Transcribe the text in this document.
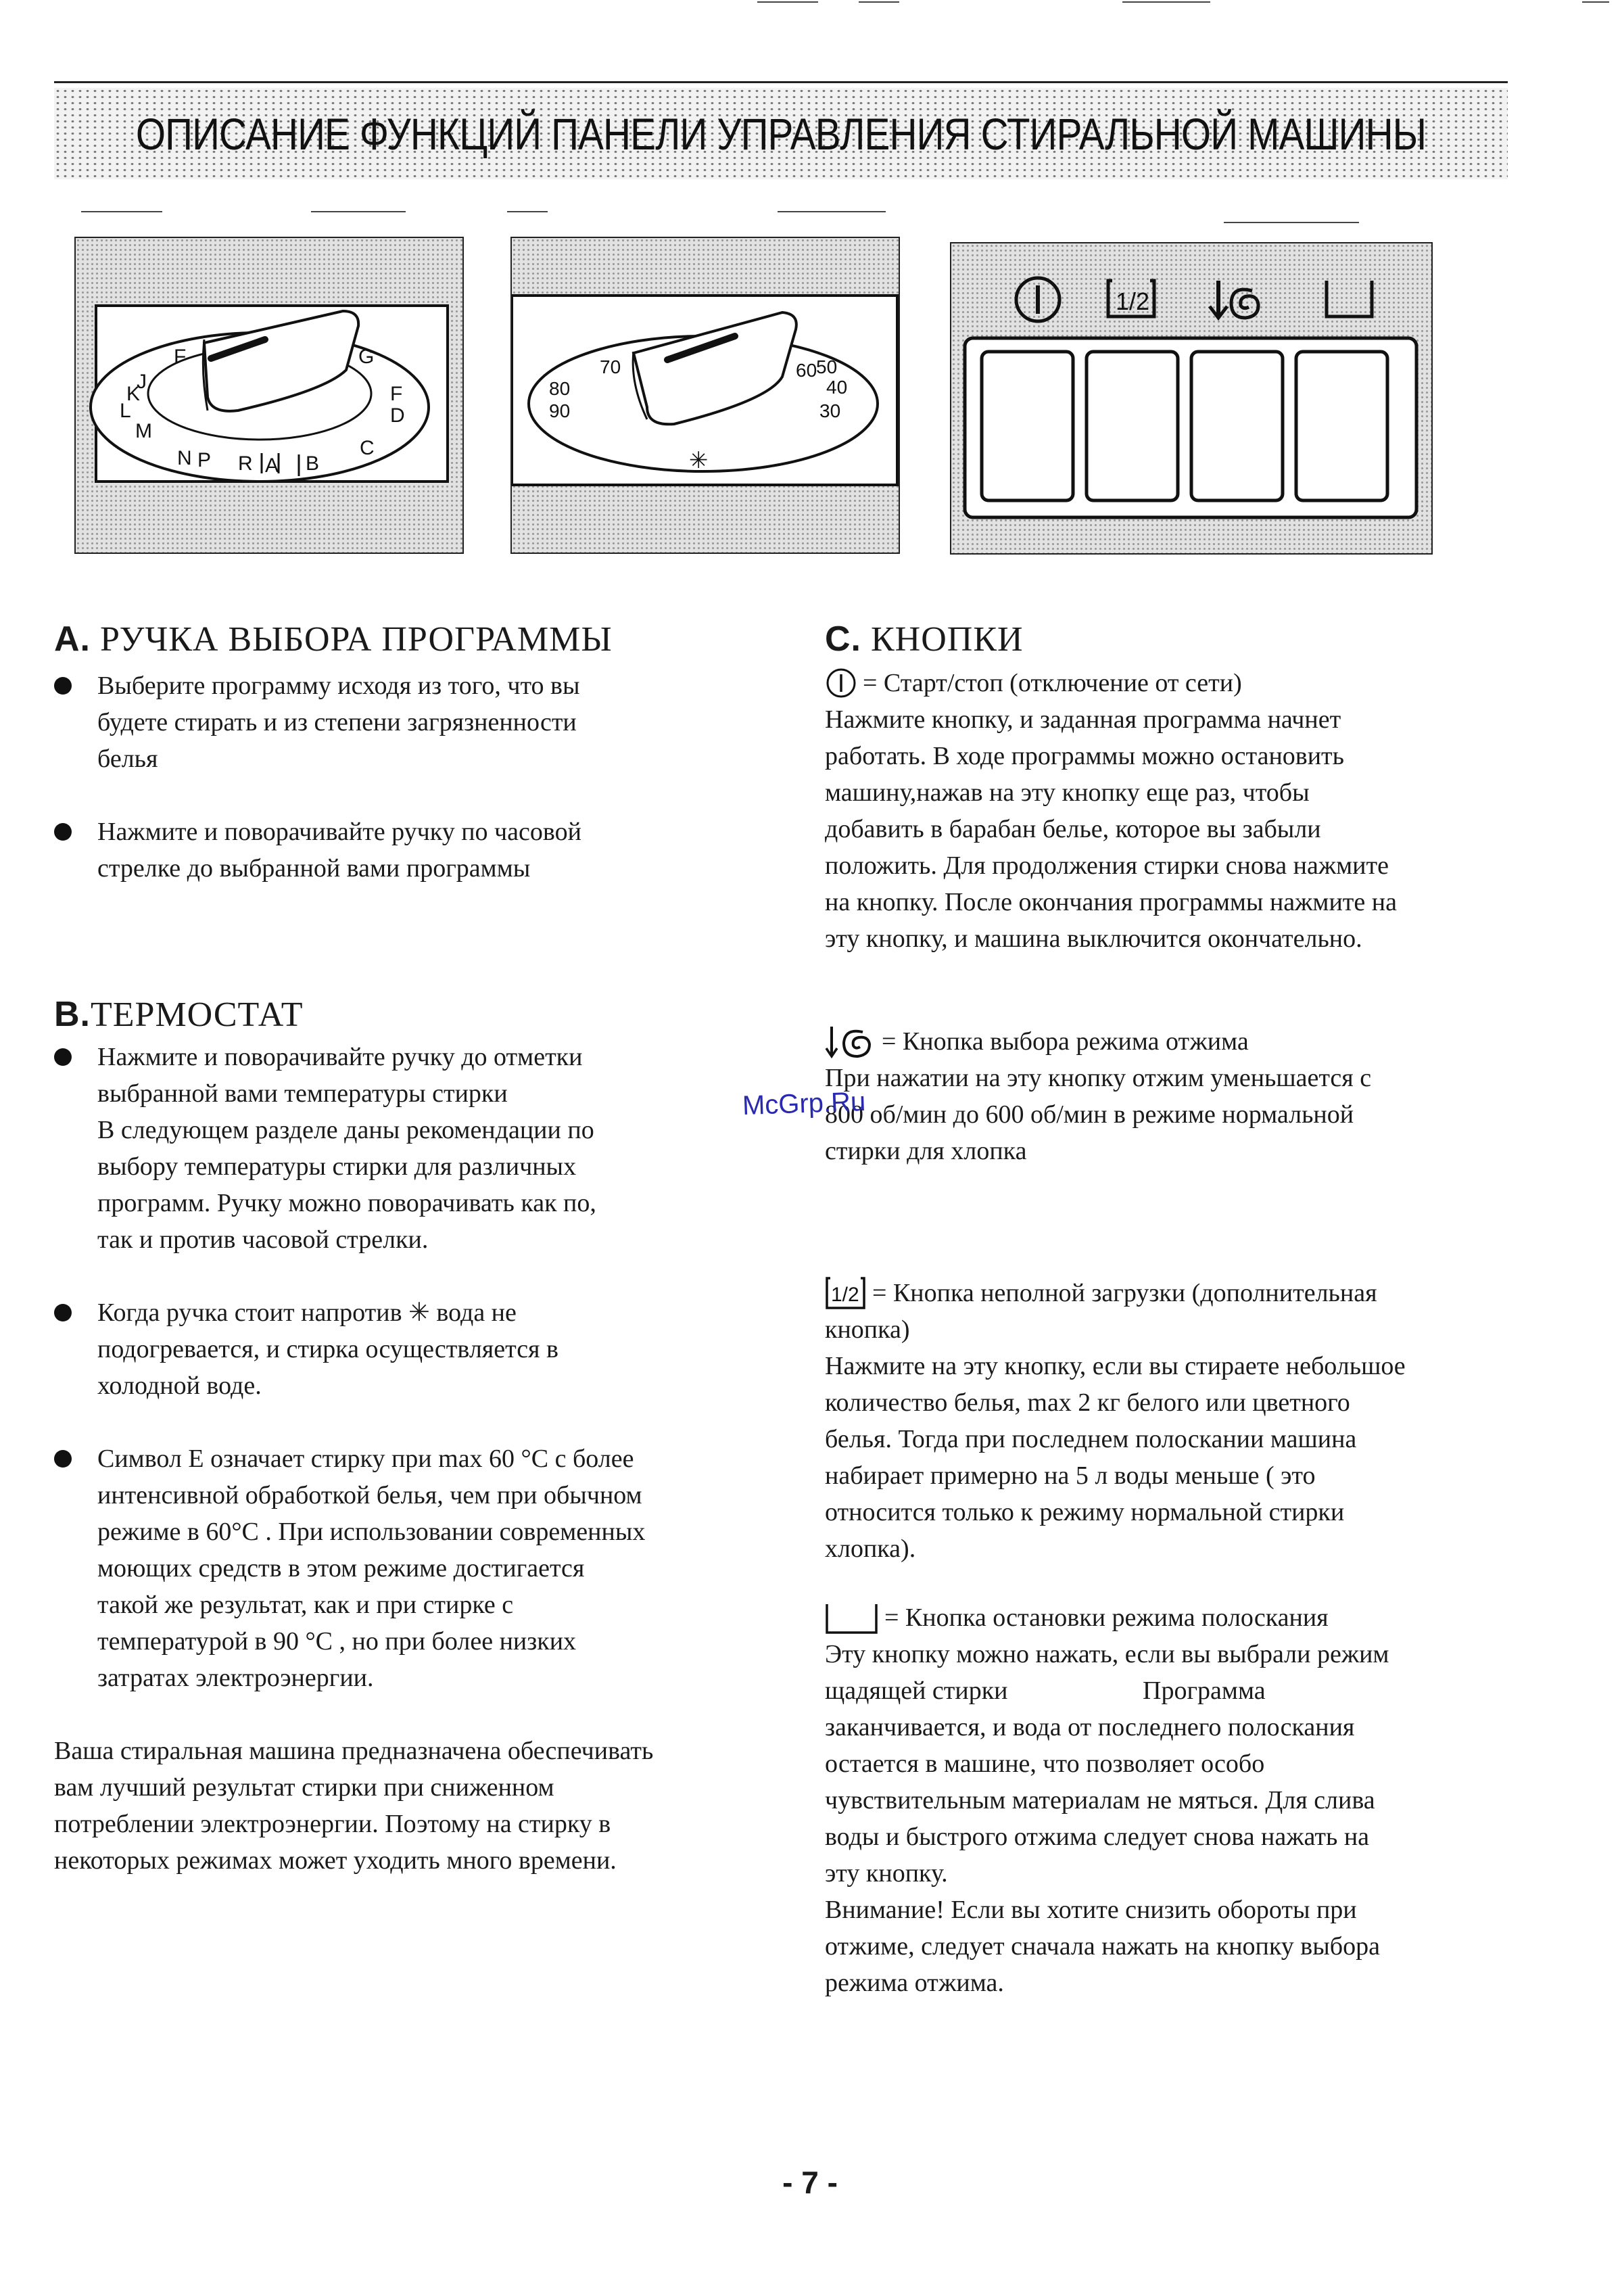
ОПИСАНИЕ ФУНКЦИЙ ПАНЕЛИ УПРАВЛЕНИЯ СТИРАЛЬНОЙ МАШИНЫ
F
J
K
L
M
N P R A B
C
D
F
G	70
80
90
60
50
40
30
✳
1/2
A. РУЧКА ВЫБОРА ПРОГРАММЫ
Выберите программу исходя из того, что вы
будете стирать и из степени загрязненности
белья
Нажмите и поворачивайте ручку по часовой
стрелке до выбранной вами программы
B.ТЕРМОСТАТ
Нажмите и поворачивайте ручку до отметки
выбранной вами температуры стирки
В следующем разделе даны рекомендации по
выбору температуры стирки для различных
программ. Ручку можно поворачивать как по,
так и против часовой стрелки.
Когда ручка стоит напротив ✳ вода не
подогревается, и стирка осуществляется в
холодной воде.
Символ Е означает стирку при max 60 °C с более
интенсивной обработкой белья, чем при обычном
режиме в 60°C . При использовании современных
моющих средств в этом режиме достигается
такой же результат, как и при стирке с
температурой в 90 °C , но при более низких
затратах электроэнергии.
Ваша стиральная машина предназначена обеспечивать
вам лучший результат стирки при сниженном
потреблении электроэнергии. Поэтому на стирку в
некоторых режимах может уходить много времени.
C. КНОПКИ
= Старт/стоп (отключение от сети)
Нажмите кнопку, и заданная программа начнет
работать. В ходе программы можно остановить
машину,нажав на эту кнопку еще раз, чтобы
добавить в барабан белье, которое вы забыли
положить. Для продолжения стирки снова нажмите
на кнопку. После окончания программы нажмите на
эту кнопку, и машина выключится окончательно.
= Кнопка выбора режима отжима
При нажатии на эту кнопку отжим уменьшается с
800 об/мин до 600 об/мин в режиме нормальной
стирки для хлопка
1/2 = Кнопка неполной загрузки (дополнительная
кнопка)
Нажмите на эту кнопку, если вы стираете небольшое
количество белья, max 2 кг белого или цветного
белья. Тогда при последнем полоскании машина
набирает примерно на 5 л воды меньше ( это
относится только к режиму нормальной стирки
хлопка).
= Кнопка остановки режима полоскания
Эту кнопку можно нажать, если вы выбрали режим
щадящей стирки                     Программа
заканчивается, и вода от последнего полоскания
остается в машине, что позволяет особо
чувствительным материалам не мяться. Для слива
воды и быстрого отжима следует снова нажать на
эту кнопку.
Внимание! Если вы хотите снизить обороты при
отжиме, следует сначала нажать на кнопку выбора
режима отжима.
McGrp.Ru
- 7 -
